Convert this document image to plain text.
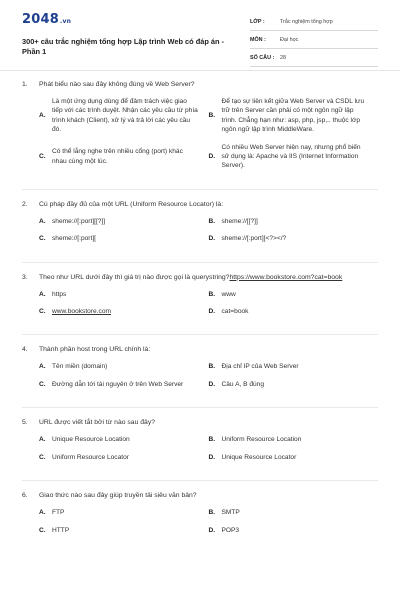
2048.vn
300+ câu trắc nghiệm tổng hợp Lập trình Web có đáp án - Phần 1
LỚP :	Trắc nghiệm tổng hợp
MÔN :	Đại học
SỐ CÂU :	28
1.	Phát biểu nào sau đây không đúng về Web Server?
A.
Là một ứng dụng dùng để đảm trách việc giao tiếp với các trình duyệt. Nhận các yêu cầu từ phía trình khách (Client), xử lý và trả lời các yêu cầu đó.
B.
Để tạo sự liên kết giữa Web Server và CSDL lưu trữ trên Server cần phải có một ngôn ngữ lập trình. Chẳng hạn như: asp, php, jsp,.. thuộc lớp ngôn ngữ lập trình MiddleWare.
C.
Có thể lắng nghe trên nhiều cổng (port) khác nhau cùng một lúc.
D.
Có nhiều Web Server hiện nay, nhưng phổ biến sử dụng là: Apache và IIS (Internet Information Server).
2.	Cú pháp đầy đủ của một URL (Uniform Resource Locator) là:
A. sheme://[:port][[?]]	B. sheme://[[?]]
C. sheme://[:port][	D. sheme://[:port][<?></?
3.	Theo như URL dưới đây thì giá trị nào được gọi là querystring?https://www.bookstore.com?cat=book
A. https	B. www
C. www.bookstore.com	D. cat=book
4.	Thành phần host trong URL chính là:
A. Tên miền (domain)	B. Địa chỉ IP của Web Server
C. Đường dẫn tới tài nguyên ở trên Web Server	D. Câu A, B đúng
5.	URL được viết tắt bởi từ nào sau đây?
A. Unique Resource Location	B. Uniform Resource Location
C. Uniform Resource Locator	D. Unique Resource Locator
6.	Giao thức nào sau đây giúp truyền tải siêu văn bản?
A. FTP	B. SMTP
C. HTTP	D. POP3
